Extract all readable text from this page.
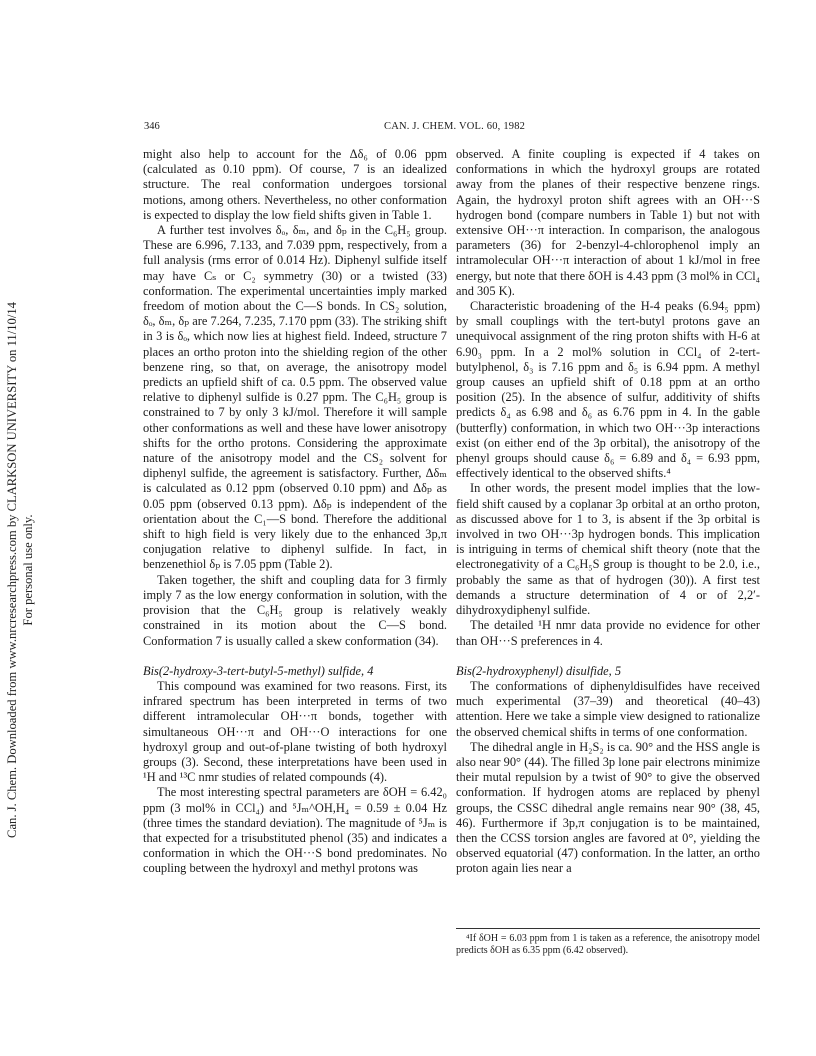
Can. J. Chem. Downloaded from www.nrcresearchpress.com by CLARKSON UNIVERSITY on 11/10/14 For personal use only.
346	CAN. J. CHEM. VOL. 60, 1982

might also help to account for the Δδ₆ of 0.06 ppm (calculated as 0.10 ppm). Of course, 7 is an idealized structure. The real conformation undergoes torsional motions, among others. Nevertheless, no other conformation is expected to display the low field shifts given in Table 1.

A further test involves δₒ, δₘ, and δₚ in the C₆H₅ group. These are 6.996, 7.133, and 7.039 ppm, respectively, from a full analysis (rms error of 0.014 Hz). Diphenyl sulfide itself may have Cₛ or C₂ symmetry (30) or a twisted (33) conformation. The experimental uncertainties imply marked freedom of motion about the C—S bonds. In CS₂ solution, δₒ, δₘ, δₚ are 7.264, 7.235, 7.170 ppm (33). The striking shift in 3 is δₒ, which now lies at highest field. Indeed, structure 7 places an ortho proton into the shielding region of the other benzene ring, so that, on average, the anisotropy model predicts an upfield shift of ca. 0.5 ppm. The observed value relative to diphenyl sulfide is 0.27 ppm. The C₆H₅ group is constrained to 7 by only 3 kJ/mol. Therefore it will sample other conformations as well and these have lower anisotropy shifts for the ortho protons. Considering the approximate nature of the anisotropy model and the CS₂ solvent for diphenyl sulfide, the agreement is satisfactory. Further, Δδₘ is calculated as 0.12 ppm (observed 0.10 ppm) and Δδₚ as 0.05 ppm (observed 0.13 ppm). Δδₚ is independent of the orientation about the C₁—S bond. Therefore the additional shift to high field is very likely due to the enhanced 3p,π conjugation relative to diphenyl sulfide. In fact, in benzenethiol δₚ is 7.05 ppm (Table 2).

Taken together, the shift and coupling data for 3 firmly imply 7 as the low energy conformation in solution, with the provision that the C₆H₅ group is relatively weakly constrained in its motion about the C—S bond. Conformation 7 is usually called a skew conformation (34).

Bis(2-hydroxy-3-tert-butyl-5-methyl) sulfide, 4

This compound was examined for two reasons. First, its infrared spectrum has been interpreted in terms of two different intramolecular OH···π bonds, together with simultaneous OH···π and OH···O interactions for one hydroxyl group and out-of-plane twisting of both hydroxyl groups (3). Second, these interpretations have been used in ¹H and ¹³C nmr studies of related compounds (4).

The most interesting spectral parameters are δOH = 6.42₀ ppm (3 mol% in CCl₄) and ⁵Jₘ^OH,H₄ = 0.59 ± 0.04 Hz (three times the standard deviation). The magnitude of ⁵Jₘ is that expected for a trisubstituted phenol (35) and indicates a conformation in which the OH···S bond predominates. No coupling between the hydroxyl and methyl protons was

observed. A finite coupling is expected if 4 takes on conformations in which the hydroxyl groups are rotated away from the planes of their respective benzene rings. Again, the hydroxyl proton shift agrees with an OH···S hydrogen bond (compare numbers in Table 1) but not with extensive OH···π interaction. In comparison, the analogous parameters (36) for 2-benzyl-4-chlorophenol imply an intramolecular OH···π interaction of about 1 kJ/mol in free energy, but note that there δOH is 4.43 ppm (3 mol% in CCl₄ and 305 K).

Characteristic broadening of the H-4 peaks (6.94₅ ppm) by small couplings with the tert-butyl protons gave an unequivocal assignment of the ring proton shifts with H-6 at 6.90₃ ppm. In a 2 mol% solution in CCl₄ of 2-tert-butylphenol, δ₃ is 7.16 ppm and δ₅ is 6.94 ppm. A methyl group causes an upfield shift of 0.18 ppm at an ortho position (25). In the absence of sulfur, additivity of shifts predicts δ₄ as 6.98 and δ₆ as 6.76 ppm in 4. In the gable (butterfly) conformation, in which two OH···3p interactions exist (on either end of the 3p orbital), the anisotropy of the phenyl groups should cause δ₆ = 6.89 and δ₄ = 6.93 ppm, effectively identical to the observed shifts.⁴

In other words, the present model implies that the low-field shift caused by a coplanar 3p orbital at an ortho proton, as discussed above for 1 to 3, is absent if the 3p orbital is involved in two OH···3p hydrogen bonds. This implication is intriguing in terms of chemical shift theory (note that the electronegativity of a C₆H₅S group is thought to be 2.0, i.e., probably the same as that of hydrogen (30)). A first test demands a structure determination of 4 or of 2,2′-dihydroxydiphenyl sulfide.

The detailed ¹H nmr data provide no evidence for other than OH···S preferences in 4.

Bis(2-hydroxyphenyl) disulfide, 5

The conformations of diphenyldisulfides have received much experimental (37–39) and theoretical (40–43) attention. Here we take a simple view designed to rationalize the observed chemical shifts in terms of one conformation.

The dihedral angle in H₂S₂ is ca. 90° and the HSS angle is also near 90° (44). The filled 3p lone pair electrons minimize their mutal repulsion by a twist of 90° to give the observed conformation. If hydrogen atoms are replaced by phenyl groups, the CSSC dihedral angle remains near 90° (38, 45, 46). Furthermore if 3p,π conjugation is to be maintained, then the CCSS torsion angles are favored at 0°, yielding the observed equatorial (47) conformation. In the latter, an ortho proton again lies near a

⁴If δOH = 6.03 ppm from 1 is taken as a reference, the anisotropy model predicts δOH as 6.35 ppm (6.42 observed).
